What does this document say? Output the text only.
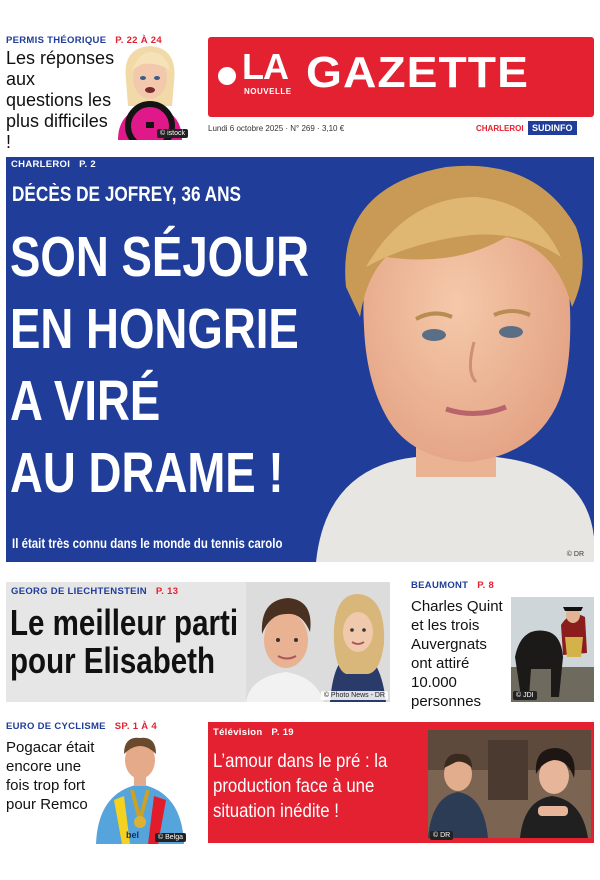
PERMIS THÉORIQUE P. 22 À 24
Les réponses aux questions les plus difficiles !	© istock
LA
NOUVELLE GAZETTE
Lundi 6 octobre 2025 · N° 269 · 3,10 €	CHARLEROI SUDINFO
CHARLEROI P. 2
DÉCÈS DE JOFREY, 36 ANS
SON SÉJOUR
EN HONGRIE
A VIRÉ
AU DRAME !
Il était très connu dans le monde du tennis carolo
© DR
GEORG DE LIECHTENSTEIN P. 13
Le meilleur parti
pour Elisabeth
© Photo News - DR
BEAUMONT P. 8
Charles Quint et les trois Auvergnats ont attiré 10.000 personnes	© JDI
EURO DE CYCLISME SP. 1 À 4
Pogacar était encore une fois trop fort pour Remco
bel	© Belga
Télévision P. 19
L’amour dans le pré : la production face à une situation inédite !
© DR
